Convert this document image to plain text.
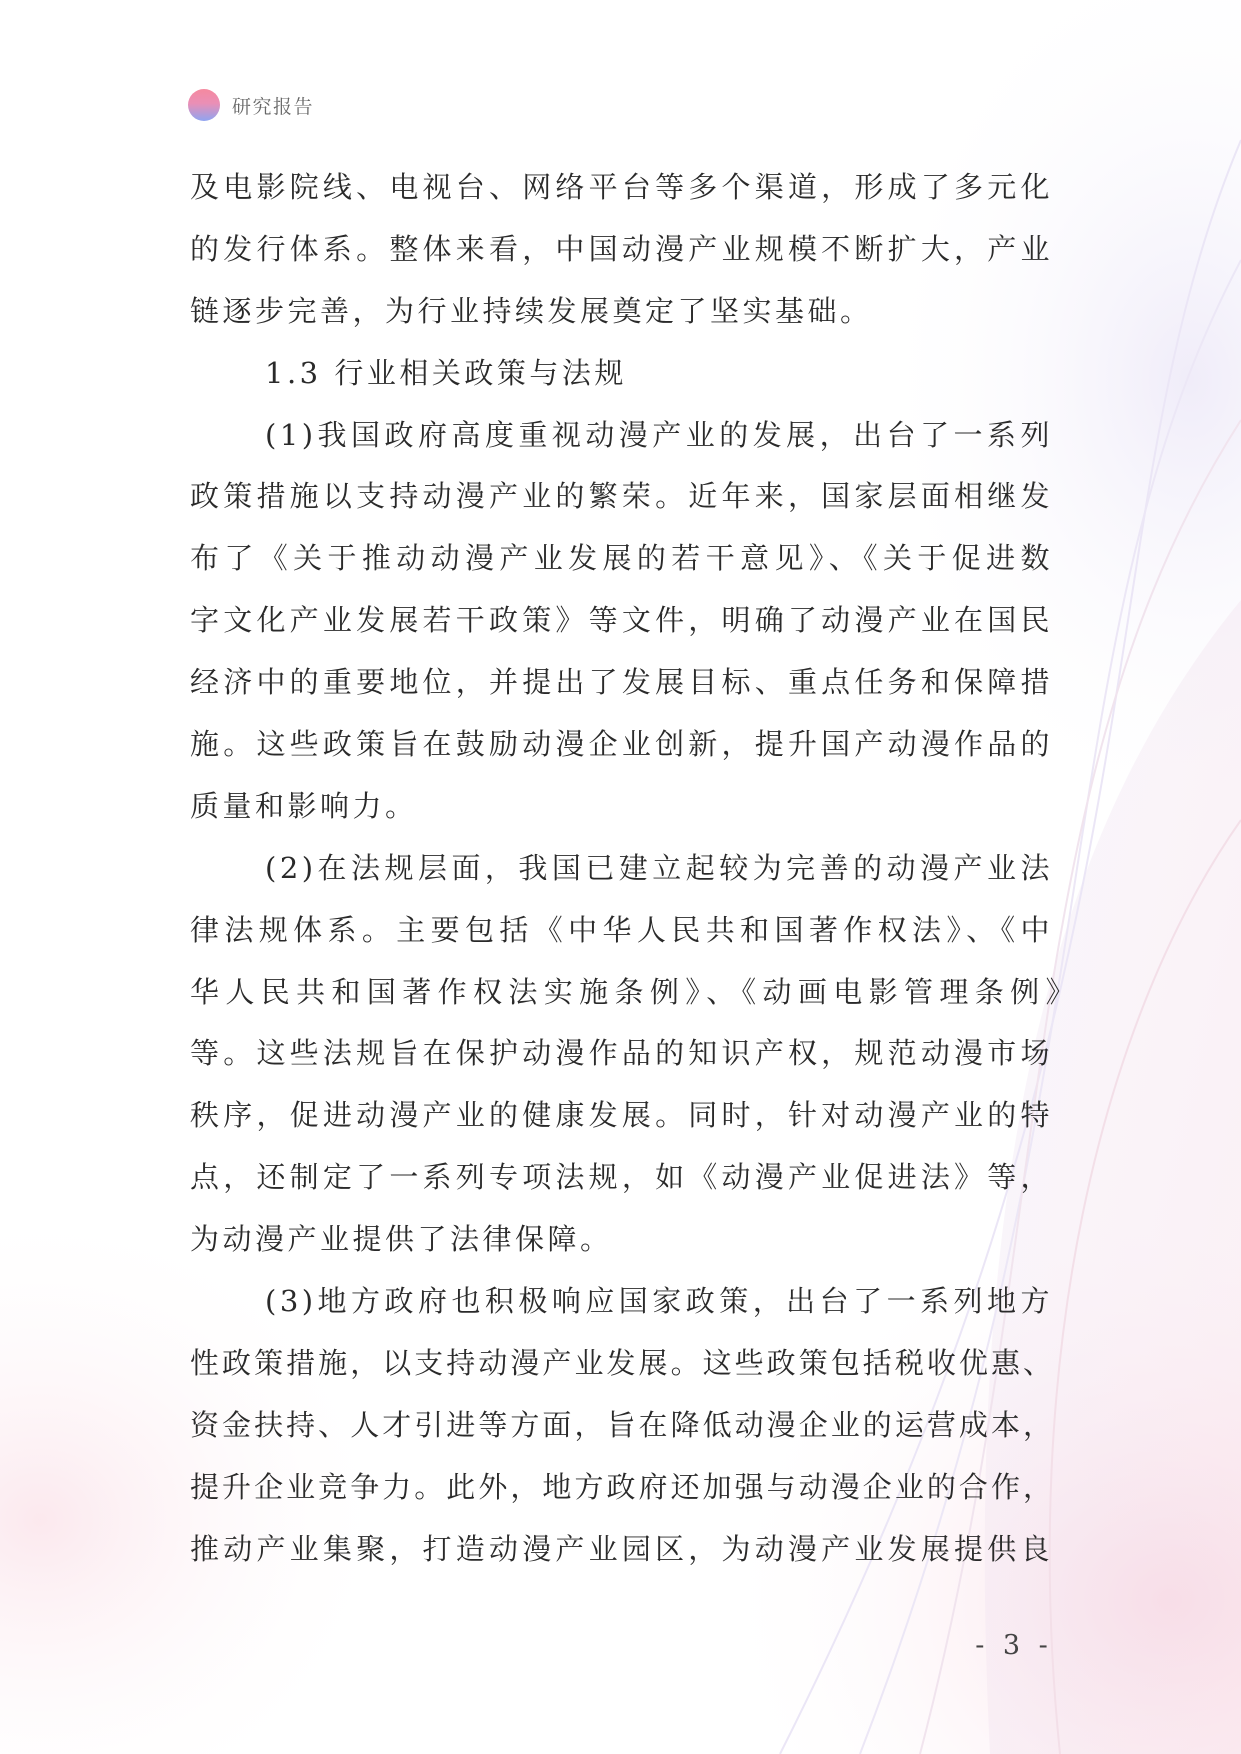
研究报告
及电影院线、电视台、网络平台等多个渠道，形成了多元化
的发行体系。整体来看，中国动漫产业规模不断扩大，产业
链逐步完善，为行业持续发展奠定了坚实基础。
1.3 行业相关政策与法规
(1)我国政府高度重视动漫产业的发展，出台了一系列
政策措施以支持动漫产业的繁荣。近年来，国家层面相继发
布了《关于推动动漫产业发展的若干意见》、《关于促进数
字文化产业发展若干政策》等文件，明确了动漫产业在国民
经济中的重要地位，并提出了发展目标、重点任务和保障措
施。这些政策旨在鼓励动漫企业创新，提升国产动漫作品的
质量和影响力。
(2)在法规层面，我国已建立起较为完善的动漫产业法
律法规体系。主要包括《中华人民共和国著作权法》、《中
华人民共和国著作权法实施条例》、《动画电影管理条例》
等。这些法规旨在保护动漫作品的知识产权，规范动漫市场
秩序，促进动漫产业的健康发展。同时，针对动漫产业的特
点，还制定了一系列专项法规，如《动漫产业促进法》等，
为动漫产业提供了法律保障。
(3)地方政府也积极响应国家政策，出台了一系列地方
性政策措施，以支持动漫产业发展。这些政策包括税收优惠、
资金扶持、人才引进等方面，旨在降低动漫企业的运营成本，
提升企业竞争力。此外，地方政府还加强与动漫企业的合作，
推动产业集聚，打造动漫产业园区，为动漫产业发展提供良
- 3 -
